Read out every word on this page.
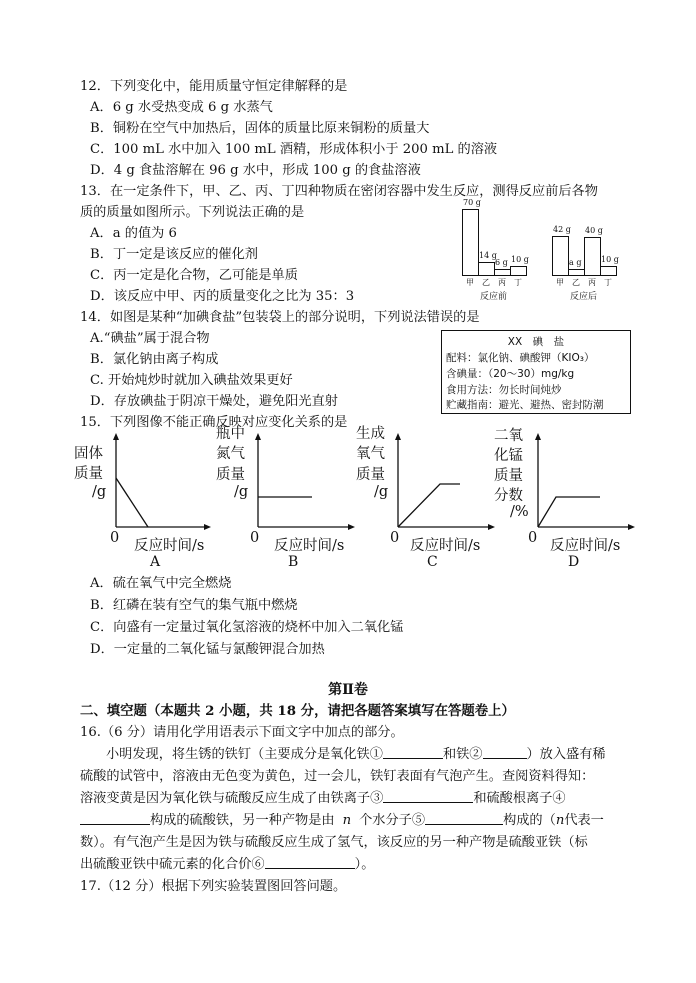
12．下列变化中，能用质量守恒定律解释的是
A．6 g 水受热变成 6 g 水蒸气
B．铜粉在空气中加热后，固体的质量比原来铜粉的质量大
C．100 mL 水中加入 100 mL 酒精，形成体积小于 200 mL 的溶液
D．4 g 食盐溶解在 96 g 水中，形成 100 g 的食盐溶液
13．在一定条件下，甲、乙、丙、丁四种物质在密闭容器中发生反应，测得反应前后各物
质的质量如图所示。下列说法正确的是
A．a 的值为 6
B．丁一定是该反应的催化剂
C．丙一定是化合物，乙可能是单质
D．该反应中甲、丙的质量变化之比为 35：3
70 g
甲
14 g
乙
6 g
丙
10 g
丁
反应前
42 g
甲
a g
乙
40 g
丙
10 g
丁
反应后
14．如图是某种“加碘食盐”包装袋上的部分说明，下列说法错误的是
A.“碘盐”属于混合物
B．氯化钠由离子构成
C. 开始炖炒时就加入碘盐效果更好
D．存放碘盐于阴凉干燥处，避免阳光直射
XX　碘　盐
配料：氯化钠、碘酸钾（KIO₃）
含碘量：（20～30）mg/kg
食用方法：勿长时间炖炒
贮藏指南：避光、避热、密封防潮
15．下列图像不能正确反映对应变化关系的是
固体
质量
/g
0 反应时间/s
A
瓶中
氮气
质量
/g
0 反应时间/s
B
生成
氧气
质量
/g
0 反应时间/s
C
二氧
化锰
质量
分数
/%
0 反应时间/s
D
A．硫在氧气中完全燃烧
B．红磷在装有空气的集气瓶中燃烧
C．向盛有一定量过氧化氢溶液的烧杯中加入二氧化锰
D．一定量的二氧化锰与氯酸钾混合加热
第Ⅱ卷
二、填空题（本题共 2 小题，共 18 分，请把各题答案填写在答题卷上）
16.（6 分）请用化学用语表示下面文字中加点的部分。
小明发现，将生锈的铁钉（主要成分是氧化铁①	和铁②	）放入盛有稀
硫酸的试管中，溶液由无色变为黄色，过一会儿，铁钉表面有气泡产生。查阅资料得知：
溶液变黄是因为氧化铁与硫酸反应生成了由铁离子③	和硫酸根离子④
构成的硫酸铁，另一种产物是由 n 个水分子⑤	构成的（n代表一
数）。有气泡产生是因为铁与硫酸反应生成了氢气，该反应的另一种产物是硫酸亚铁（标
出硫酸亚铁中硫元素的化合价⑥	）。
17.（12 分）根据下列实验装置图回答问题。
